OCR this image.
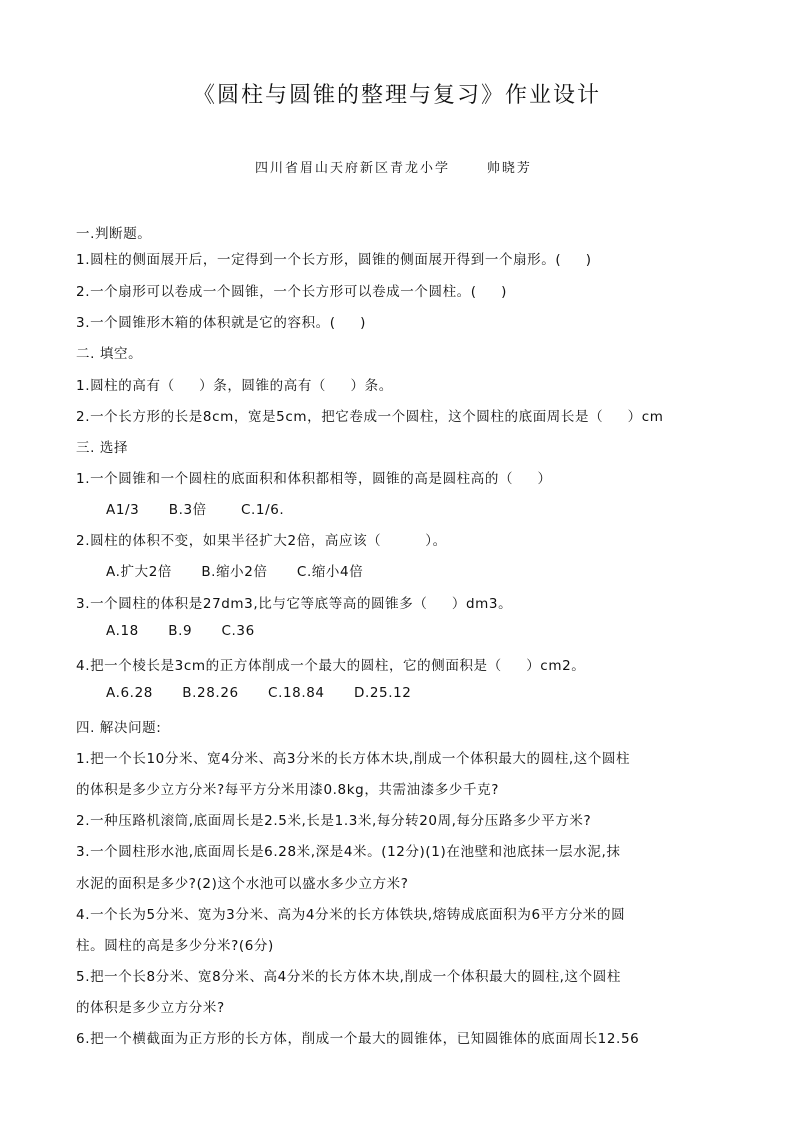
《圆柱与圆锥的整理与复习》作业设计
四川省眉山天府新区青龙小学	帅晓芳
一.判断题。
1.圆柱的侧面展开后，一定得到一个长方形，圆锥的侧面展开得到一个扇形。(     )
2.一个扇形可以卷成一个圆锥，一个长方形可以卷成一个圆柱。(     )
3.一个圆锥形木箱的体积就是它的容积。(     )
二. 填空。
1.圆柱的高有（     ）条，圆锥的高有（     ）条。
2.一个长方形的长是8cm，宽是5cm，把它卷成一个圆柱，这个圆柱的底面周长是（     ）cm
三. 选择
1.一个圆锥和一个圆柱的底面积和体积都相等，圆锥的高是圆柱高的（     ）
A1/3      B.3倍       C.1/6.
2.圆柱的体积不变，如果半径扩大2倍，高应该（         ）。
A.扩大2倍      B.缩小2倍      C.缩小4倍
3.一个圆柱的体积是27dm3,比与它等底等高的圆锥多（     ）dm3。
A.18      B.9      C.36
4.把一个棱长是3cm的正方体削成一个最大的圆柱，它的侧面积是（     ）cm2。
A.6.28      B.28.26      C.18.84      D.25.12
四. 解决问题:
1.把一个长10分米、宽4分米、高3分米的长方体木块,削成一个体积最大的圆柱,这个圆柱
的体积是多少立方分米?每平方分米用漆0.8kg，共需油漆多少千克?
2.一种压路机滚筒,底面周长是2.5米,长是1.3米,每分转20周,每分压路多少平方米?
3.一个圆柱形水池,底面周长是6.28米,深是4米。(12分)(1)在池壁和池底抹一层水泥,抹
水泥的面积是多少?(2)这个水池可以盛水多少立方米?
4.一个长为5分米、宽为3分米、高为4分米的长方体铁块,熔铸成底面积为6平方分米的圆
柱。圆柱的高是多少分米?(6分)
5.把一个长8分米、宽8分米、高4分米的长方体木块,削成一个体积最大的圆柱,这个圆柱
的体积是多少立方分米?
6.把一个横截面为正方形的长方体，削成一个最大的圆锥体，已知圆锥体的底面周长12.56
